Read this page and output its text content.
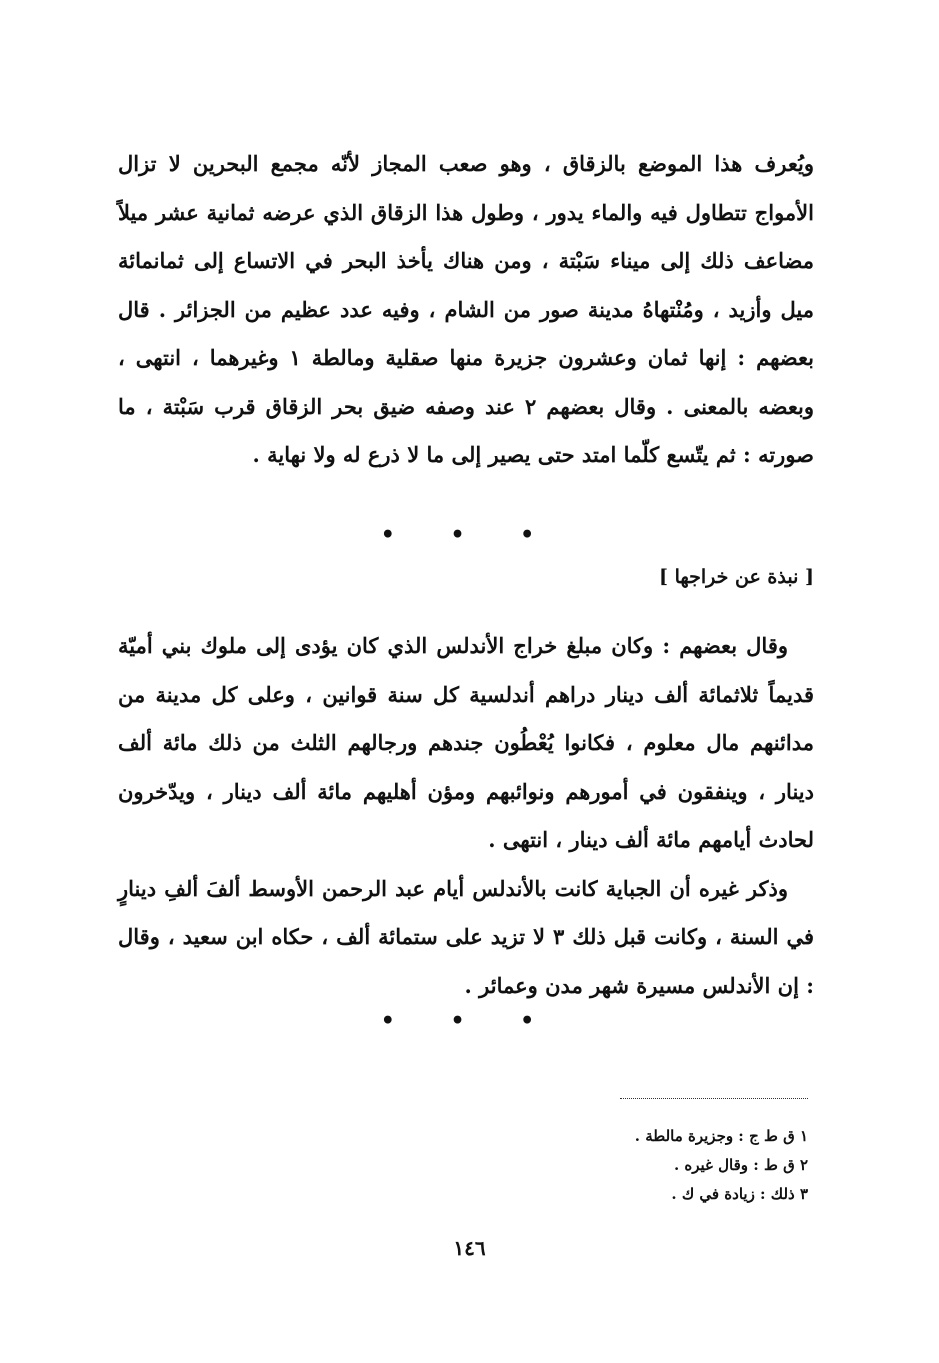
ويُعرف هذا الموضع بالزقاق ، وهو صعب المجاز لأنّه مجمع البحرين لا تزال الأمواج تتطاول فيه والماء يدور ، وطول هذا الزقاق الذي عرضه ثمانية عشر ميلاً مضاعف ذلك إلى ميناء سَبْتة ، ومن هناك يأخذ البحر في الاتساع إلى ثمانمائة ميل وأزيد ، ومُنْتهاهُ مدينة صور من الشام ، وفيه عدد عظيم من الجزائر . قال بعضهم : إنها ثمان وعشرون جزيرة منها صقلية ومالطة ١ وغيرهما ، انتهى ، وبعضه بالمعنى . وقال بعضهم ٢ عند وصفه ضيق بحر الزقاق قرب سَبْتة ، ما صورته : ثم يتّسع كلّما امتد حتى يصير إلى ما لا ذرع له ولا نهاية .

• • •
[ نبذة عن خراجها ]

وقال بعضهم : وكان مبلغ خراج الأندلس الذي كان يؤدى إلى ملوك بني أميّة قديماً ثلاثمائة ألف دينار دراهم أندلسية كل سنة قوانين ، وعلى كل مدينة من مدائنهم مال معلوم ، فكانوا يُعْطُون جندهم ورجالهم الثلث من ذلك مائة ألف دينار ، وينفقون في أمورهم ونوائبهم ومؤن أهليهم مائة ألف دينار ، ويدّخرون لحادث أيامهم مائة ألف دينار ، انتهى .

وذكر غيره أن الجباية كانت بالأندلس أيام عبد الرحمن الأوسط ألفَ ألفِ دينارٍ في السنة ، وكانت قبل ذلك ٣ لا تزيد على ستمائة ألف ، حكاه ابن سعيد ، وقال : إن الأندلس مسيرة شهر مدن وعمائر .

• • •
١ ق ط ج : وجزيرة مالطة .
٢ ق ط : وقال غيره .
٣ ذلك : زيادة في ك .
١٤٦
